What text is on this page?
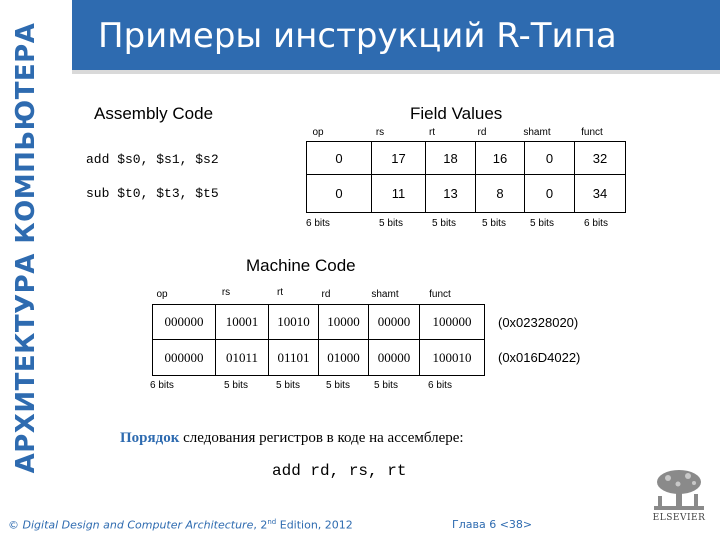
АРХИТЕКТУРА КОМПЬЮТЕРА Примеры инструкций R-Типа
Assembly Code
add $s0, $s1, $s2
sub $t0, $t3, $t5
Field Values
op	rs	rt	rd	shamt	funct
0	17	18	16	0	32
0	11	13	8	0	34
6 bits	5 bits	5 bits	5 bits	5 bits	6 bits
Machine Code
op	rs	rt	rd	shamt	funct
000000	10001	10010	10000	00000	100000	(0x02328020)
000000	01011	01101	01000	00000	100010	(0x016D4022)
6 bits	5 bits	5 bits	5 bits	5 bits	6 bits
Порядок следования регистров в коде на ассемблере:
add rd, rs, rt
© Digital Design and Computer Architecture, 2nd Edition, 2012	Глава 6 <38>	ELSEVIER
